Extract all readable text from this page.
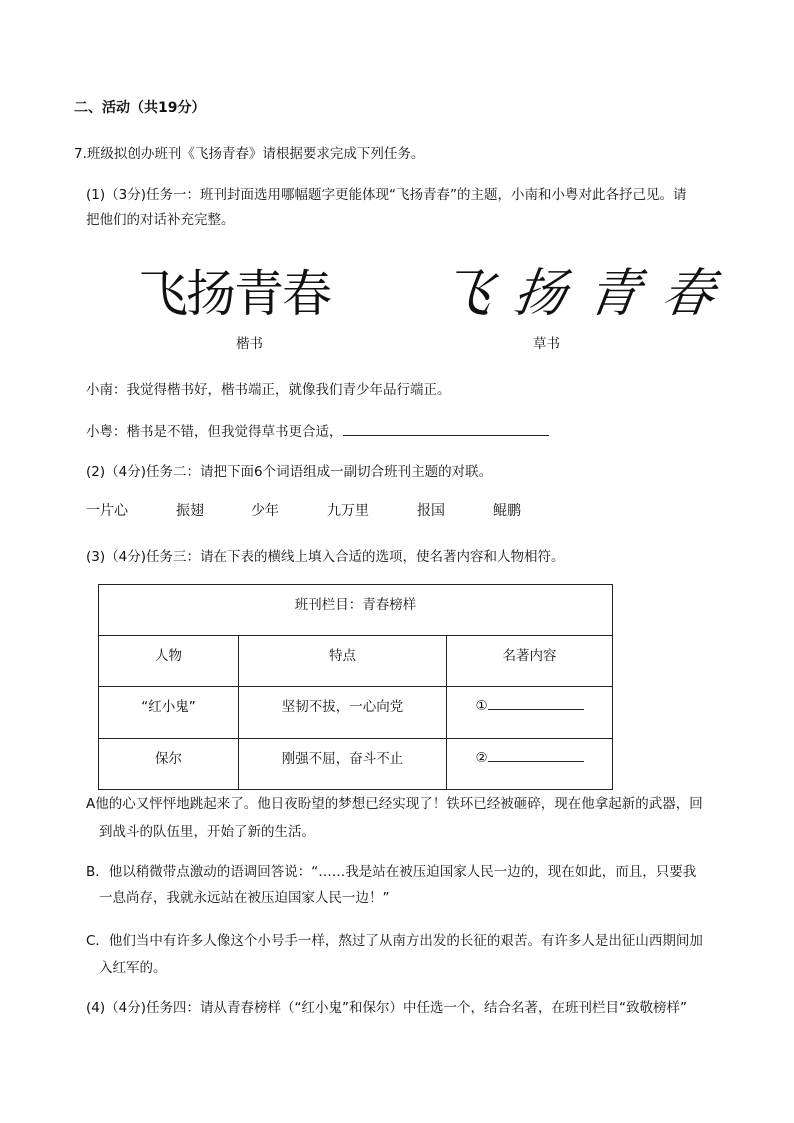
二、活动（共19分）
7.班级拟创办班刊《飞扬青春》请根据要求完成下列任务。
(1)（3分)任务一：班刊封面选用哪幅题字更能体现“飞扬青春”的主题，小南和小粤对此各抒己见。请
把他们的对话补充完整。
飞扬青春 飞扬青春
楷书	草书
小南：我觉得楷书好，楷书端正，就像我们青少年品行端正。
小粤：楷书是不错，但我觉得草书更合适，
(2)（4分)任务二：请把下面6个词语组成一副切合班刊主题的对联。
一片心	振翅	少年	九万里	报国	鲲鹏
(3)（4分)任务三：请在下表的横线上填入合适的选项，使名著内容和人物相符。
班刊栏目：青春榜样		
人物	特点	名著内容
“红小鬼”	坚韧不拔，一心向党	①
保尔	刚强不屈，奋斗不止	②
A他的心又怦怦地跳起来了。他日夜盼望的梦想已经实现了！铁环已经被砸碎，现在他拿起新的武器，回
到战斗的队伍里，开始了新的生活。
B．他以稍微带点激动的语调回答说：“……我是站在被压迫国家人民一边的，现在如此，而且，只要我
一息尚存，我就永远站在被压迫国家人民一边！”
C．他们当中有许多人像这个小号手一样，熬过了从南方出发的长征的艰苦。有许多人是出征山西期间加
入红军的。
(4)（4分)任务四：请从青春榜样（“红小鬼”和保尔）中任选一个，结合名著，在班刊栏目“致敬榜样”
